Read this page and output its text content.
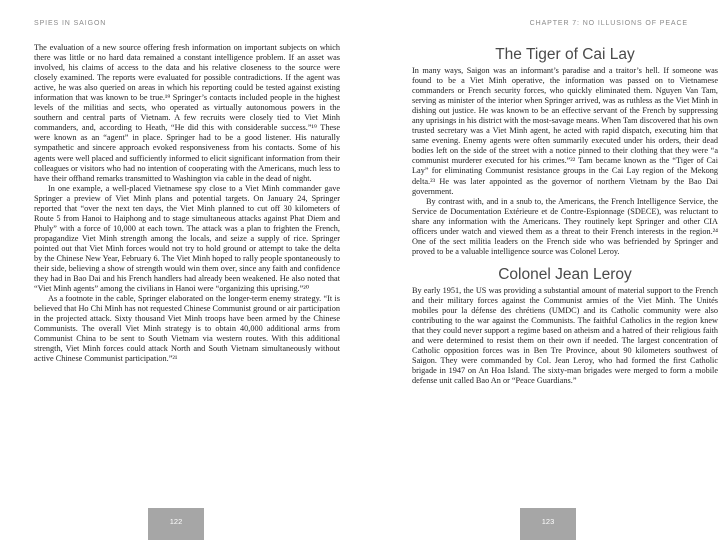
SPIES IN SAIGON

The evaluation of a new source offering fresh information on important subjects on which there was little or no hard data remained a constant intelligence problem. If an asset was involved, his claims of access to the data and his relative closeness to the source were closely examined. The reports were evaluated for possible contradictions. If the agent was active, he was also queried on areas in which his reporting could be tested against existing information that was known to be true.¹⁹ Springer’s contacts included people in the highest levels of the militias and sects, who operated as virtually autonomous powers in the southern and central parts of Vietnam. A few recruits were closely tied to Viet Minh commanders, and, according to Heath, “He did this with considerable success.”¹⁹ These were known as an “agent” in place. Springer had to be a good listener. His naturally sympathetic and sincere approach evoked responsiveness from his contacts. Some of his agents were well placed and sufficiently informed to elicit significant information from their colleagues or visitors who had no intention of cooperating with the Americans, much less to have their offhand remarks transmitted to Washington via cable in the dead of night.

In one example, a well-placed Vietnamese spy close to a Viet Minh commander gave Springer a preview of Viet Minh plans and potential targets. On January 24, Springer reported that “over the next ten days, the Viet Minh planned to cut off 30 kilometers of Route 5 from Hanoi to Haiphong and to stage simultaneous attacks against Phat Diem and Phuly” with a force of 10,000 at each town. The attack was a plan to frighten the French, propagandize Viet Minh strength among the locals, and seize a supply of rice. Springer pointed out that Viet Minh forces would not try to hold ground or attempt to take the delta by the Chinese New Year, February 6. The Viet Minh hoped to rally people spontaneously to their side, believing a show of strength would win them over, since any faith and confidence they had in Bao Dai and his French handlers had already been weakened. He also noted that “Viet Minh agents” among the civilians in Hanoi were “organizing this uprising.”²⁰

As a footnote in the cable, Springer elaborated on the longer-term enemy strategy. “It is believed that Ho Chi Minh has not requested Chinese Communist ground or air participation in the projected attack. Sixty thousand Viet Minh troops have been armed by the Chinese Communists. The overall Viet Minh strategy is to obtain 40,000 additional arms from Communist China to be sent to South Vietnam via western routes. With this additional strength, Viet Minh forces could attack North and South Vietnam simultaneously without active Chinese Communist participation.”²¹

122
CHAPTER 7: NO ILLUSIONS OF PEACE
The Tiger of Cai Lay

In many ways, Saigon was an informant’s paradise and a traitor’s hell. If someone was found to be a Viet Minh operative, the information was passed on to Vietnamese commanders or French security forces, who quickly eliminated them. Nguyen Van Tam, serving as minister of the interior when Springer arrived, was as ruthless as the Viet Minh in dishing out justice. He was known to be an effective servant of the French by suppressing any uprisings in his district with the most-savage means. When Tam discovered that his own trusted secretary was a Viet Minh agent, he acted with rapid dispatch, executing him that same evening. Enemy agents were often summarily executed under his orders, their dead bodies left on the side of the street with a notice pinned to their clothing that they were “a communist murderer executed for his crimes.”²² Tam became known as the “Tiger of Cai Lay” for eliminating Communist resistance groups in the Cai Lay region of the Mekong delta.²³ He was later appointed as the governor of northern Vietnam by the Bao Dai government.

By contrast with, and in a snub to, the Americans, the French Intelligence Service, the Service de Documentation Extérieure et de Contre-Espionnage (SDECE), was reluctant to share any information with the Americans. They routinely kept Springer and other CIA officers under watch and viewed them as a threat to their French interests in the region.²⁴ One of the sect militia leaders on the French side who was befriended by Springer and proved to be a valuable intelligence source was Colonel Leroy.

Colonel Jean Leroy

By early 1951, the US was providing a substantial amount of material support to the French and their military forces against the Communist armies of the Viet Minh. The Unités mobiles pour la défense des chrétiens (UMDC) and its Catholic community were also contributing to the war against the Communists. The faithful Catholics in the region knew that they could never support a regime based on atheism and a hatred of their religious faith and were determined to resist them on their own if needed. The largest concentration of Catholic opposition forces was in Ben Tre Province, about 90 kilometers southwest of Saigon. They were commanded by Col. Jean Leroy, who had formed the first Catholic brigade in 1947 on An Hoa Island. The sixty-man brigades were merged to form a mobile defense unit called Bao An or “Peace Guardians.”

123
